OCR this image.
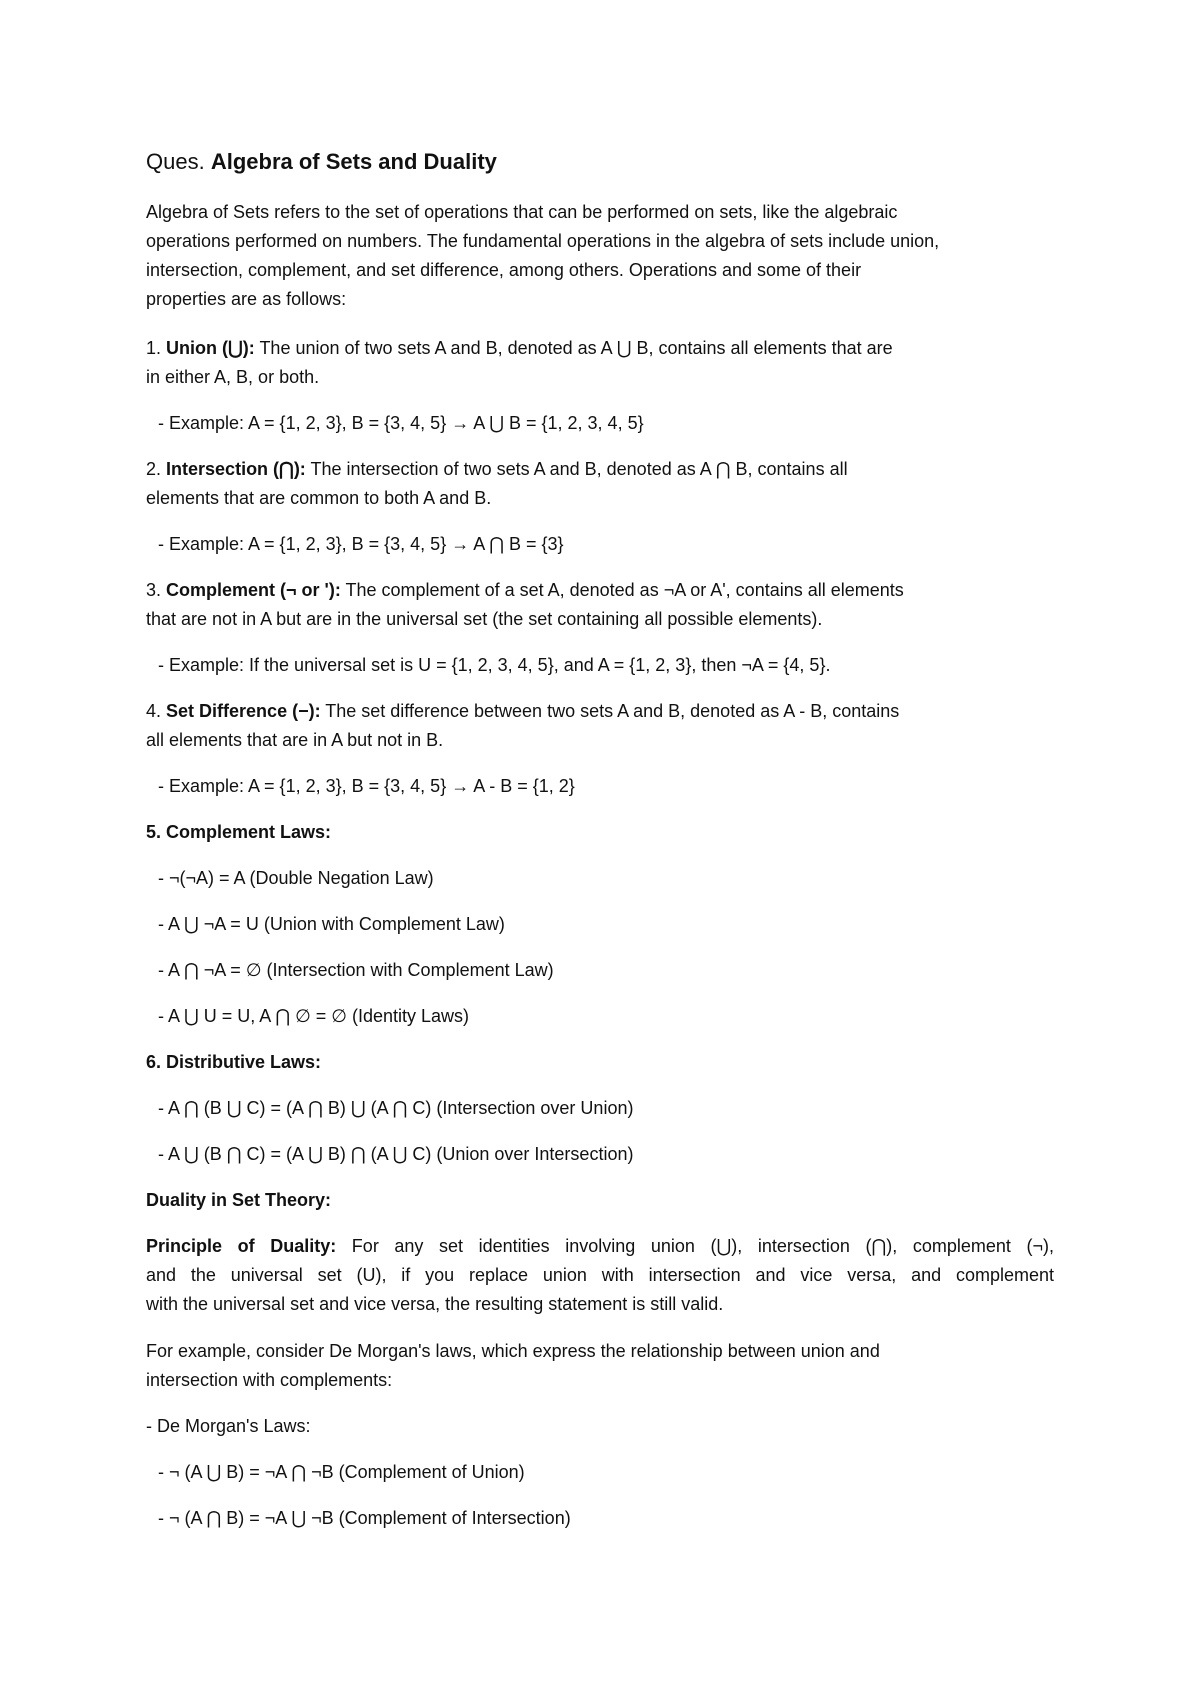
Ques. Algebra of Sets and Duality
Algebra of Sets refers to the set of operations that can be performed on sets, like the algebraic
operations performed on numbers. The fundamental operations in the algebra of sets include union,
intersection, complement, and set difference, among others. Operations and some of their
properties are as follows:
1. Union (⋃): The union of two sets A and B, denoted as A ⋃ B, contains all elements that are
in either A, B, or both.
- Example: A = {1, 2, 3}, B = {3, 4, 5} → A ⋃ B = {1, 2, 3, 4, 5}
2. Intersection (⋂): The intersection of two sets A and B, denoted as A ⋂ B, contains all
elements that are common to both A and B.
- Example: A = {1, 2, 3}, B = {3, 4, 5} → A ⋂ B = {3}
3. Complement (¬ or '): The complement of a set A, denoted as ¬A or A', contains all elements
that are not in A but are in the universal set (the set containing all possible elements).
- Example: If the universal set is U = {1, 2, 3, 4, 5}, and A = {1, 2, 3}, then ¬A = {4, 5}.
4. Set Difference (−): The set difference between two sets A and B, denoted as A - B, contains
all elements that are in A but not in B.
- Example: A = {1, 2, 3}, B = {3, 4, 5} → A - B = {1, 2}
5. Complement Laws:
- ¬(¬A) = A (Double Negation Law)
- A ⋃ ¬A = U (Union with Complement Law)
- A ⋂ ¬A = ∅ (Intersection with Complement Law)
- A ⋃ U = U, A ⋂ ∅ = ∅ (Identity Laws)
6. Distributive Laws:
- A ⋂ (B ⋃ C) = (A ⋂ B) ⋃ (A ⋂ C) (Intersection over Union)
- A ⋃ (B ⋂ C) = (A ⋃ B) ⋂ (A ⋃ C) (Union over Intersection)
Duality in Set Theory:
Principle of Duality: For any set identities involving union (⋃), intersection (⋂), complement (¬),
and the universal set (U), if you replace union with intersection and vice versa, and complement
with the universal set and vice versa, the resulting statement is still valid.
For example, consider De Morgan's laws, which express the relationship between union and
intersection with complements:
- De Morgan's Laws:
- ¬ (A ⋃ B) = ¬A ⋂ ¬B (Complement of Union)
- ¬ (A ⋂ B) = ¬A ⋃ ¬B (Complement of Intersection)
